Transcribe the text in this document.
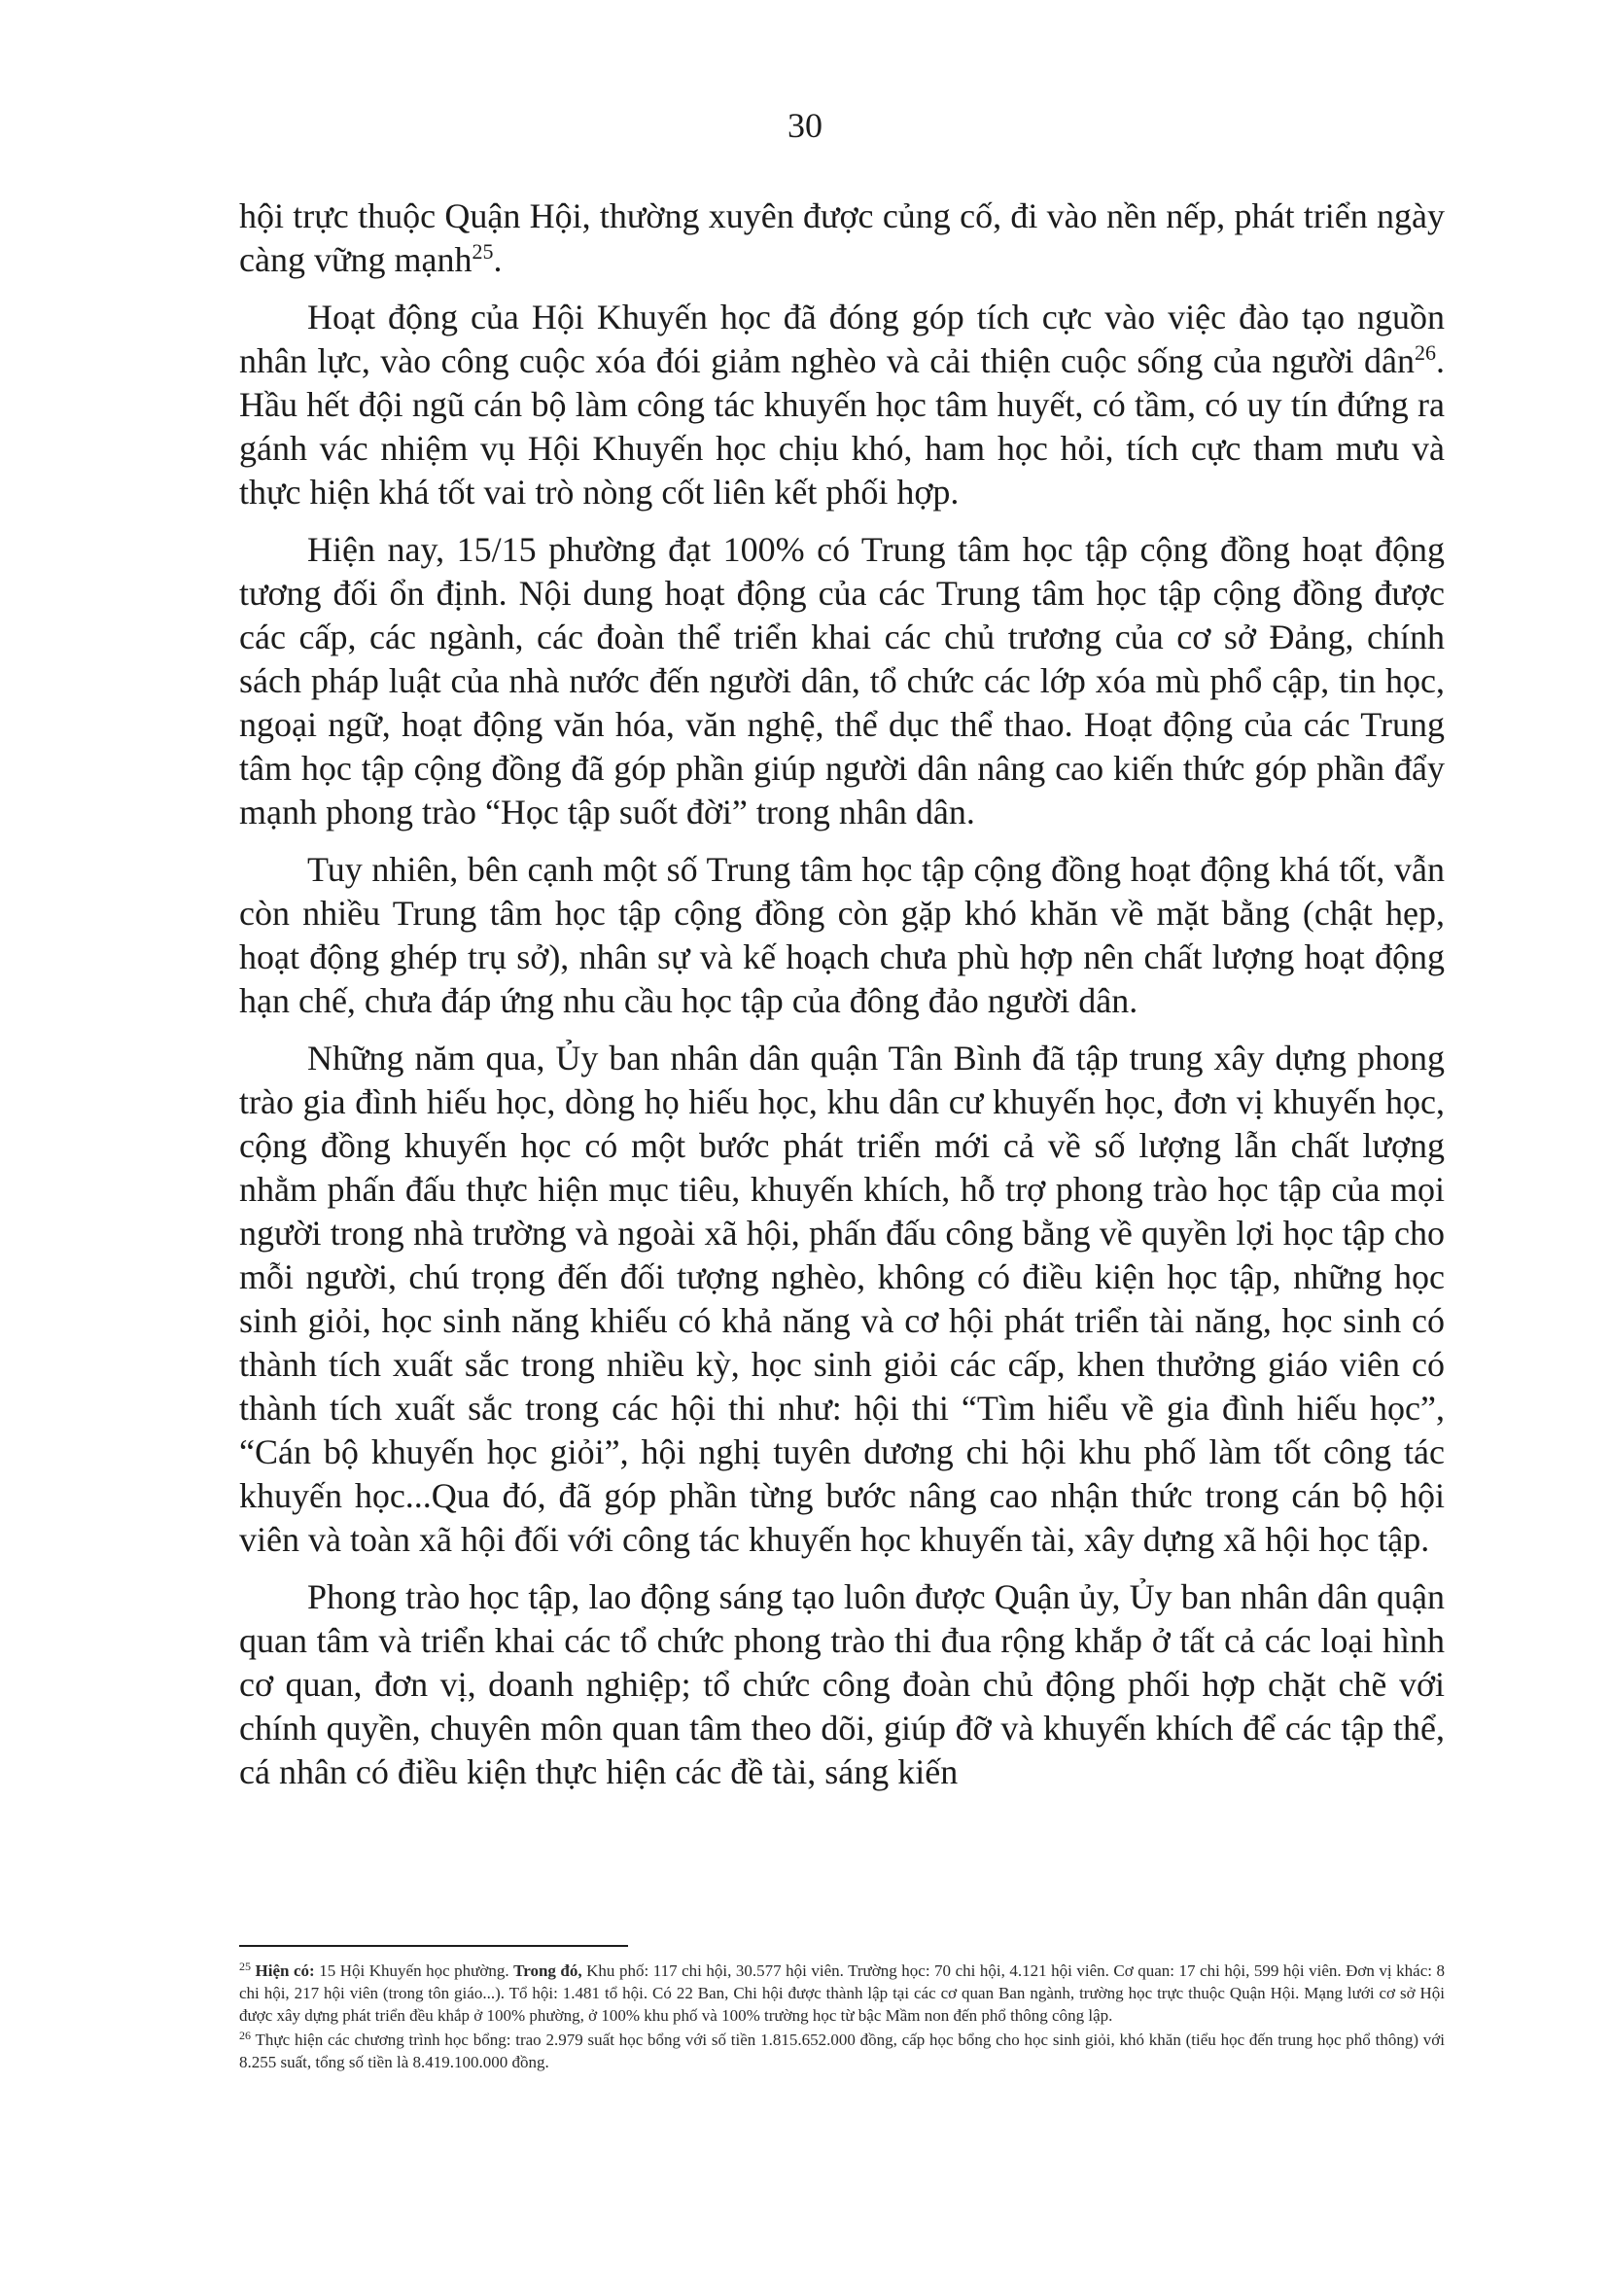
30

hội trực thuộc Quận Hội, thường xuyên được củng cố, đi vào nền nếp, phát triển ngày càng vững mạnh$^{25}$.

Hoạt động của Hội Khuyến học đã đóng góp tích cực vào việc đào tạo nguồn nhân lực, vào công cuộc xóa đói giảm nghèo và cải thiện cuộc sống của người dân$^{26}$. Hầu hết đội ngũ cán bộ làm công tác khuyến học tâm huyết, có tầm, có uy tín đứng ra gánh vác nhiệm vụ Hội Khuyến học chịu khó, ham học hỏi, tích cực tham mưu và thực hiện khá tốt vai trò nòng cốt liên kết phối hợp.

Hiện nay, 15/15 phường đạt 100% có Trung tâm học tập cộng đồng hoạt động tương đối ổn định. Nội dung hoạt động của các Trung tâm học tập cộng đồng được các cấp, các ngành, các đoàn thể triển khai các chủ trương của cơ sở Đảng, chính sách pháp luật của nhà nước đến người dân, tổ chức các lớp xóa mù phổ cập, tin học, ngoại ngữ, hoạt động văn hóa, văn nghệ, thể dục thể thao. Hoạt động của các Trung tâm học tập cộng đồng đã góp phần giúp người dân nâng cao kiến thức góp phần đẩy mạnh phong trào “Học tập suốt đời” trong nhân dân.

Tuy nhiên, bên cạnh một số Trung tâm học tập cộng đồng hoạt động khá tốt, vẫn còn nhiều Trung tâm học tập cộng đồng còn gặp khó khăn về mặt bằng (chật hẹp, hoạt động ghép trụ sở), nhân sự và kế hoạch chưa phù hợp nên chất lượng hoạt động hạn chế, chưa đáp ứng nhu cầu học tập của đông đảo người dân.

Những năm qua, Ủy ban nhân dân quận Tân Bình đã tập trung xây dựng phong trào gia đình hiếu học, dòng họ hiếu học, khu dân cư khuyến học, đơn vị khuyến học, cộng đồng khuyến học có một bước phát triển mới cả về số lượng lẫn chất lượng nhằm phấn đấu thực hiện mục tiêu, khuyến khích, hỗ trợ phong trào học tập của mọi người trong nhà trường và ngoài xã hội, phấn đấu công bằng về quyền lợi học tập cho mỗi người, chú trọng đến đối tượng nghèo, không có điều kiện học tập, những học sinh giỏi, học sinh năng khiếu có khả năng và cơ hội phát triển tài năng, học sinh có thành tích xuất sắc trong nhiều kỳ, học sinh giỏi các cấp, khen thưởng giáo viên có thành tích xuất sắc trong các hội thi như: hội thi “Tìm hiểu về gia đình hiếu học”, “Cán bộ khuyến học giỏi”, hội nghị tuyên dương chi hội khu phố làm tốt công tác khuyến học...Qua đó, đã góp phần từng bước nâng cao nhận thức trong cán bộ hội viên và toàn xã hội đối với công tác khuyến học khuyến tài, xây dựng xã hội học tập.

Phong trào học tập, lao động sáng tạo luôn được Quận ủy, Ủy ban nhân dân quận quan tâm và triển khai các tổ chức phong trào thi đua rộng khắp ở tất cả các loại hình cơ quan, đơn vị, doanh nghiệp; tổ chức công đoàn chủ động phối hợp chặt chẽ với chính quyền, chuyên môn quan tâm theo dõi, giúp đỡ và khuyến khích để các tập thể, cá nhân có điều kiện thực hiện các đề tài, sáng kiến

$^{25}$ Hiện có: 15 Hội Khuyến học phường. Trong đó, Khu phố: 117 chi hội, 30.577 hội viên. Trường học: 70 chi hội, 4.121 hội viên. Cơ quan: 17 chi hội, 599 hội viên. Đơn vị khác: 8 chi hội, 217 hội viên (trong tôn giáo...). Tổ hội: 1.481 tổ hội. Có 22 Ban, Chi hội được thành lập tại các cơ quan Ban ngành, trường học trực thuộc Quận Hội. Mạng lưới cơ sở Hội được xây dựng phát triển đều khắp ở 100% phường, ở 100% khu phố và 100% trường học từ bậc Mầm non đến phổ thông công lập.

$^{26}$ Thực hiện các chương trình học bổng: trao 2.979 suất học bổng với số tiền 1.815.652.000 đồng, cấp học bổng cho học sinh giỏi, khó khăn (tiểu học đến trung học phổ thông) với 8.255 suất, tổng số tiền là 8.419.100.000 đồng.
